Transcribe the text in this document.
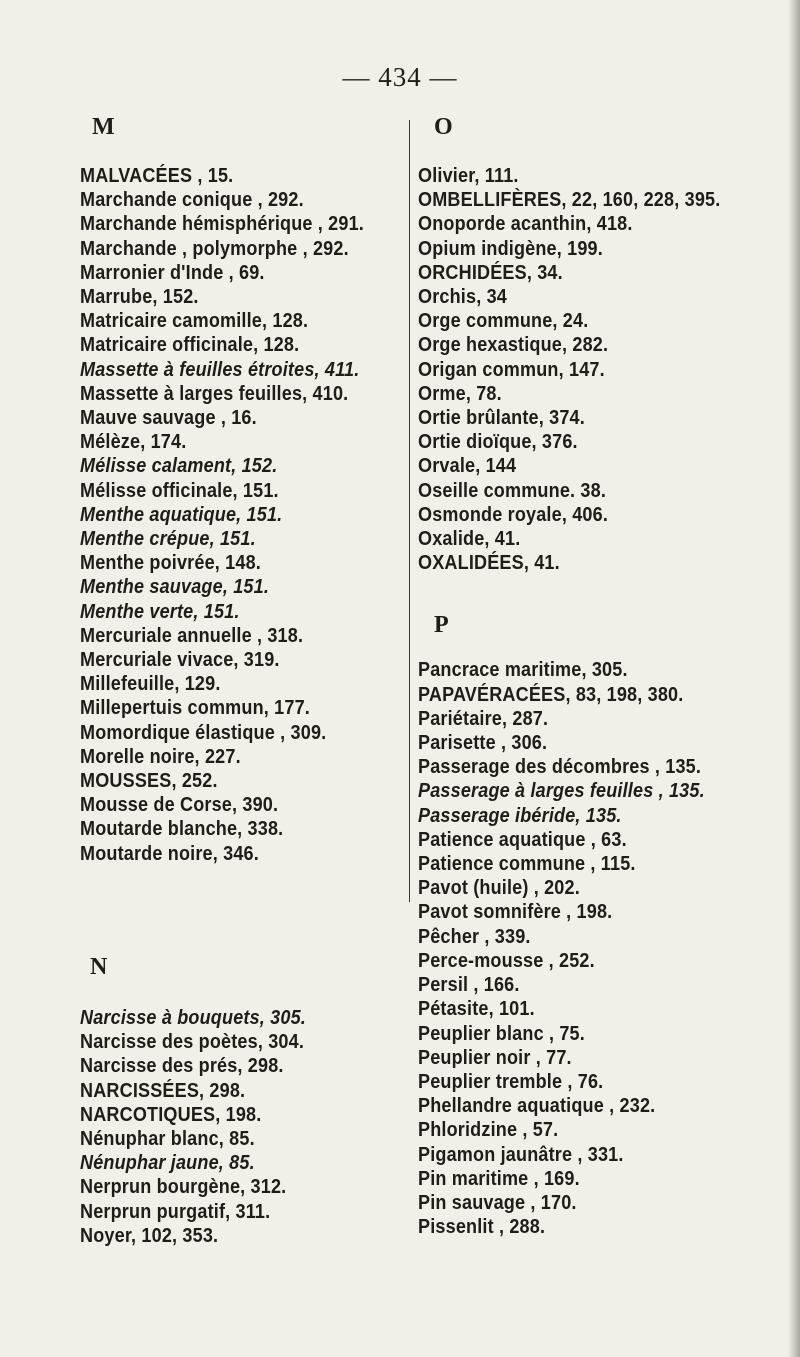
— 434 —
M
MALVACÉES , 15.
Marchande conique , 292.
Marchande hémisphérique , 291.
Marchande , polymorphe , 292.
Marronier d'Inde , 69.
Marrube, 152.
Matricaire camomille, 128.
Matricaire officinale, 128.
Massette à feuilles étroites, 411.
Massette à larges feuilles, 410.
Mauve sauvage , 16.
Mélèze, 174.
Mélisse calament, 152.
Mélisse officinale, 151.
Menthe aquatique, 151.
Menthe crépue, 151.
Menthe poivrée, 148.
Menthe sauvage, 151.
Menthe verte, 151.
Mercuriale annuelle , 318.
Mercuriale vivace, 319.
Millefeuille, 129.
Millepertuis commun, 177.
Momordique élastique , 309.
Morelle noire, 227.
MOUSSES, 252.
Mousse de Corse, 390.
Moutarde blanche, 338.
Moutarde noire, 346.
N
Narcisse à bouquets, 305.
Narcisse des poètes, 304.
Narcisse des prés, 298.
NARCISSÉES, 298.
NARCOTIQUES, 198.
Nénuphar blanc, 85.
Nénuphar jaune, 85.
Nerprun bourgène, 312.
Nerprun purgatif, 311.
Noyer, 102, 353.
O
Olivier, 111.
OMBELLIFÈRES, 22, 160, 228, 395.
Onoporde acanthin, 418.
Opium indigène, 199.
ORCHIDÉES, 34.
Orchis, 34
Orge commune, 24.
Orge hexastique, 282.
Origan commun, 147.
Orme, 78.
Ortie brûlante, 374.
Ortie dioïque, 376.
Orvale, 144
Oseille commune. 38.
Osmonde royale, 406.
Oxalide, 41.
OXALIDÉES, 41.
P
Pancrace maritime, 305.
PAPAVÉRACÉES, 83, 198, 380.
Pariétaire, 287.
Parisette , 306.
Passerage des décombres , 135.
Passerage à larges feuilles , 135.
Passerage ibéride, 135.
Patience aquatique , 63.
Patience commune , 115.
Pavot (huile) , 202.
Pavot somnifère , 198.
Pêcher , 339.
Perce-mousse , 252.
Persil , 166.
Pétasite, 101.
Peuplier blanc , 75.
Peuplier noir , 77.
Peuplier tremble , 76.
Phellandre aquatique , 232.
Phloridzine , 57.
Pigamon jaunâtre , 331.
Pin maritime , 169.
Pin sauvage , 170.
Pissenlit , 288.
